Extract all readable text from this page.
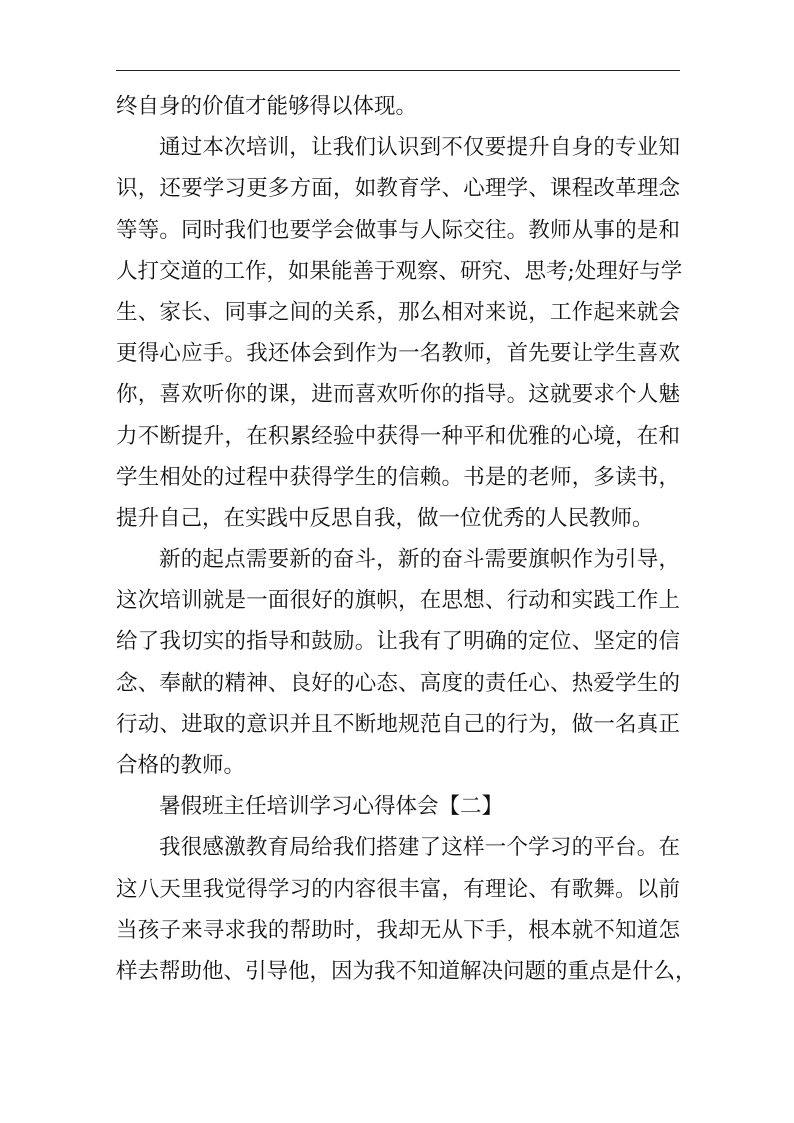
终自身的价值才能够得以体现。
通过本次培训，让我们认识到不仅要提升自身的专业知
识，还要学习更多方面，如教育学、心理学、课程改革理念
等等。同时我们也要学会做事与人际交往。教师从事的是和
人打交道的工作，如果能善于观察、研究、思考;处理好与学
生、家长、同事之间的关系，那么相对来说，工作起来就会
更得心应手。我还体会到作为一名教师，首先要让学生喜欢
你，喜欢听你的课，进而喜欢听你的指导。这就要求个人魅
力不断提升，在积累经验中获得一种平和优雅的心境，在和
学生相处的过程中获得学生的信赖。书是的老师，多读书，
提升自己，在实践中反思自我，做一位优秀的人民教师。
新的起点需要新的奋斗，新的奋斗需要旗帜作为引导，
这次培训就是一面很好的旗帜，在思想、行动和实践工作上
给了我切实的指导和鼓励。让我有了明确的定位、坚定的信
念、奉献的精神、良好的心态、高度的责任心、热爱学生的
行动、进取的意识并且不断地规范自己的行为，做一名真正
合格的教师。
暑假班主任培训学习心得体会【二】
我很感激教育局给我们搭建了这样一个学习的平台。在
这八天里我觉得学习的内容很丰富，有理论、有歌舞。以前
当孩子来寻求我的帮助时，我却无从下手，根本就不知道怎
样去帮助他、引导他，因为我不知道解决问题的重点是什么，
